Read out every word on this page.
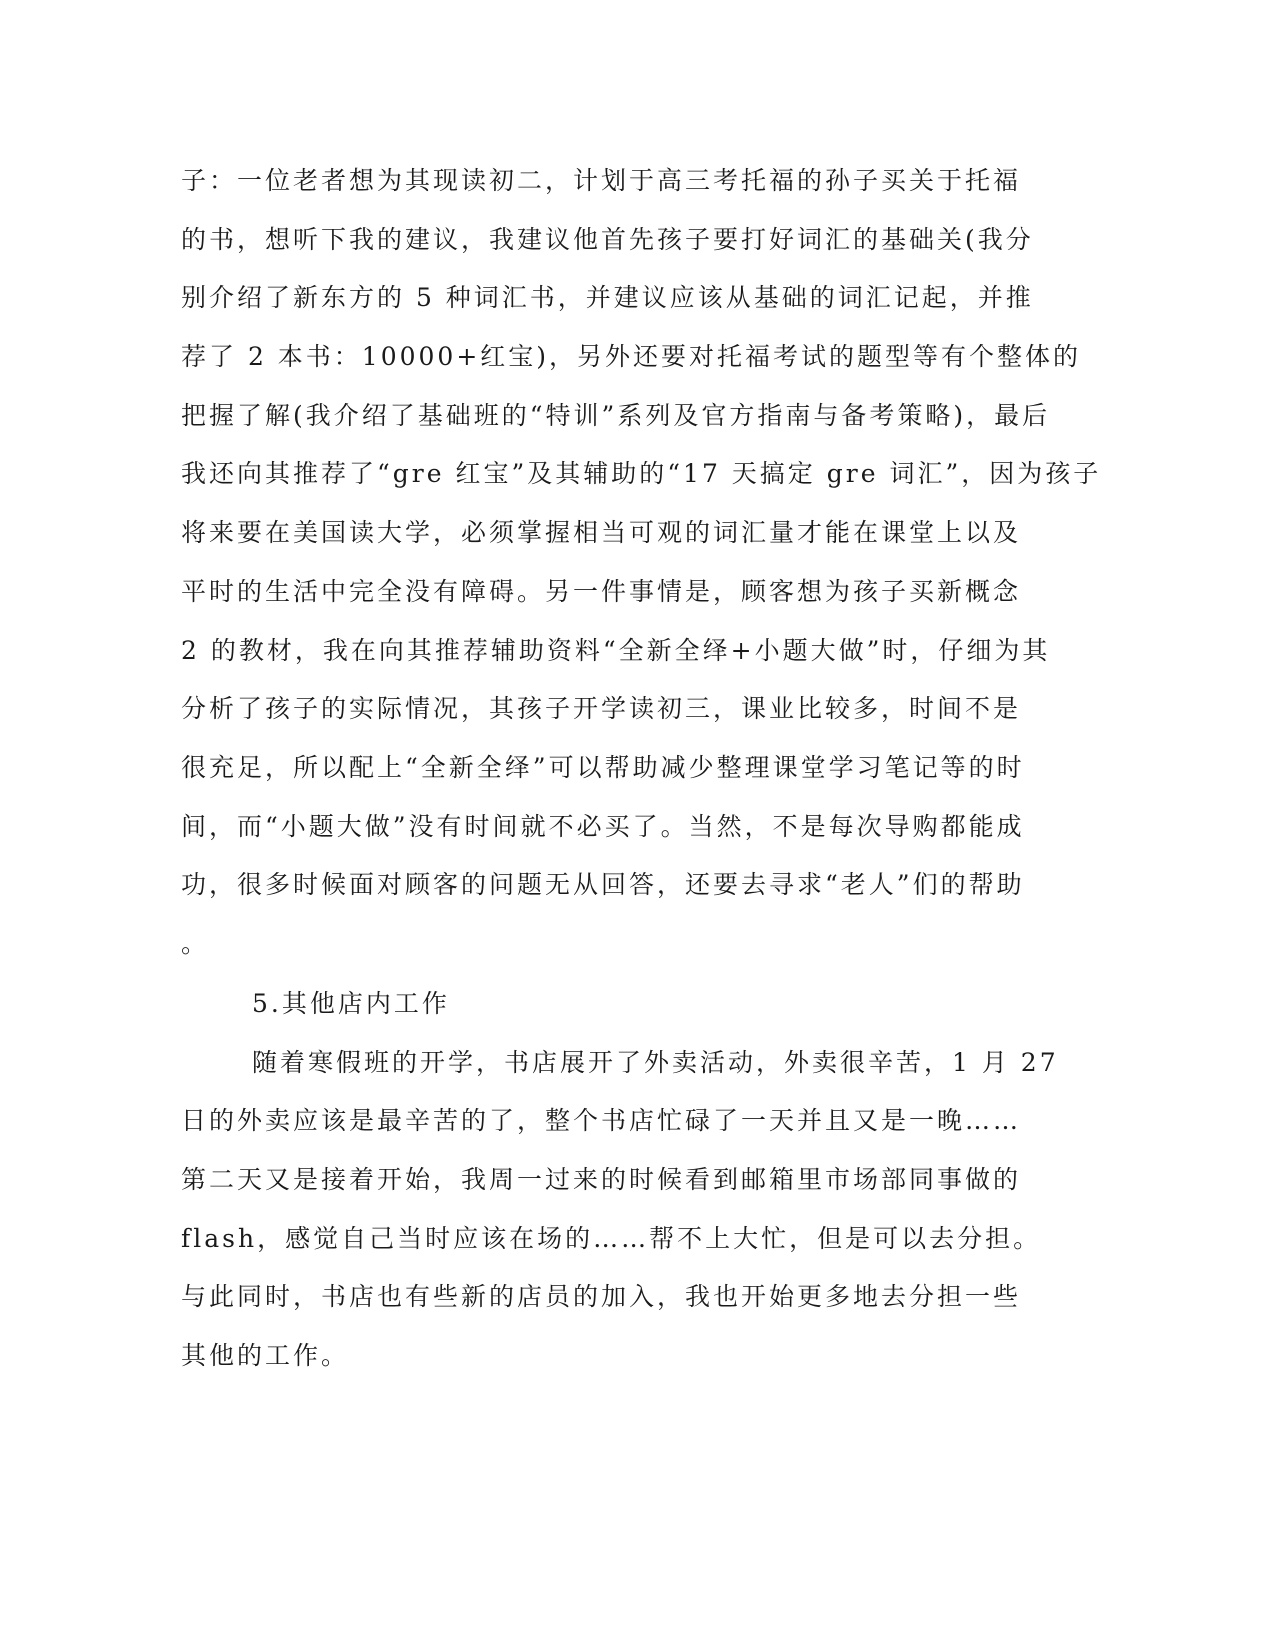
子：一位老者想为其现读初二，计划于高三考托福的孙子买关于托福
的书，想听下我的建议，我建议他首先孩子要打好词汇的基础关(我分
别介绍了新东方的 5 种词汇书，并建议应该从基础的词汇记起，并推
荐了 2 本书：10000+红宝)，另外还要对托福考试的题型等有个整体的
把握了解(我介绍了基础班的“特训”系列及官方指南与备考策略)，最后
我还向其推荐了“gre 红宝”及其辅助的“17 天搞定 gre 词汇”，因为孩子
将来要在美国读大学，必须掌握相当可观的词汇量才能在课堂上以及
平时的生活中完全没有障碍。另一件事情是，顾客想为孩子买新概念
2 的教材，我在向其推荐辅助资料“全新全绎+小题大做”时，仔细为其
分析了孩子的实际情况，其孩子开学读初三，课业比较多，时间不是
很充足，所以配上“全新全绎”可以帮助减少整理课堂学习笔记等的时
间，而“小题大做”没有时间就不必买了。当然，不是每次导购都能成
功，很多时候面对顾客的问题无从回答，还要去寻求“老人”们的帮助
。
5.其他店内工作
随着寒假班的开学，书店展开了外卖活动，外卖很辛苦，1 月 27
日的外卖应该是最辛苦的了，整个书店忙碌了一天并且又是一晚……
第二天又是接着开始，我周一过来的时候看到邮箱里市场部同事做的
flash，感觉自己当时应该在场的……帮不上大忙，但是可以去分担。
与此同时，书店也有些新的店员的加入，我也开始更多地去分担一些
其他的工作。
